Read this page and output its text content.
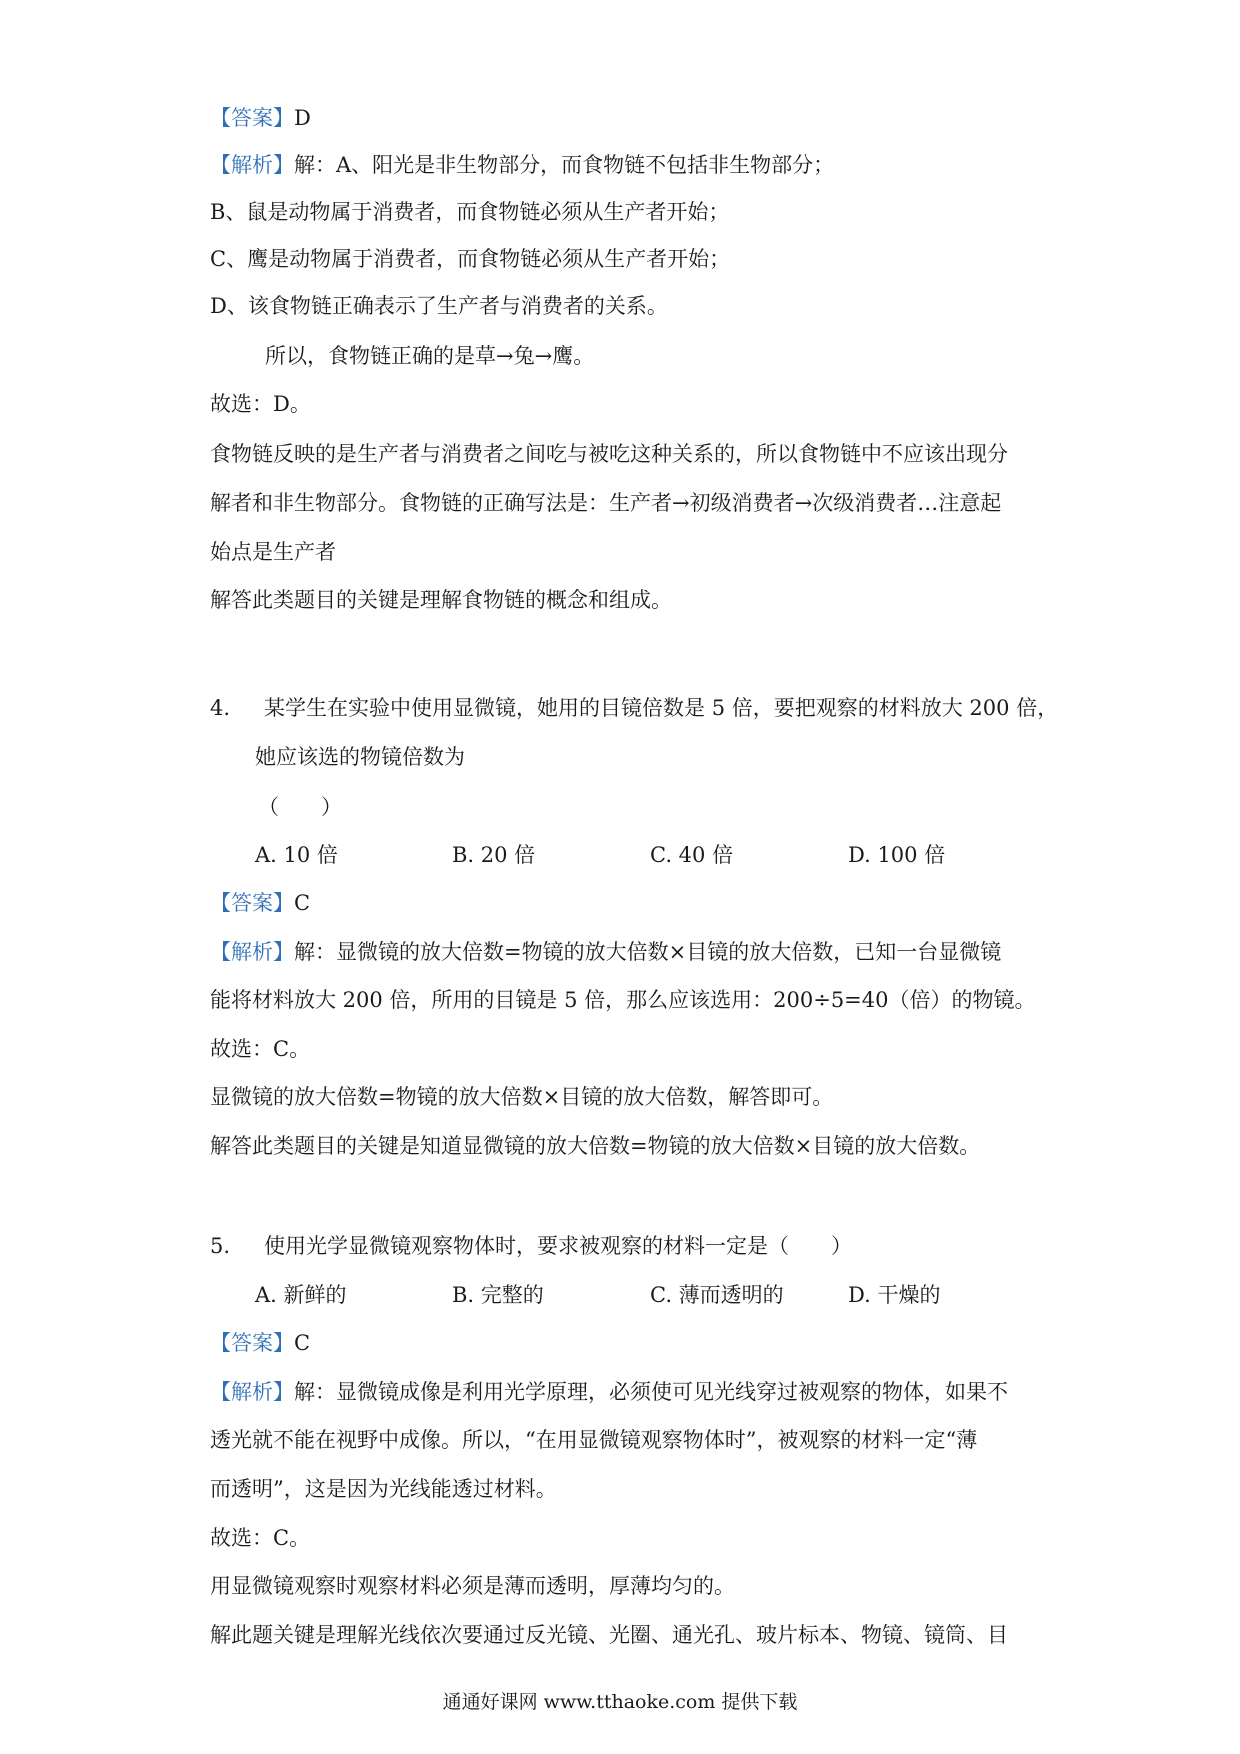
【答案】D
【解析】解：A、阳光是非生物部分，而食物链不包括非生物部分；
B、鼠是动物属于消费者，而食物链必须从生产者开始；
C、鹰是动物属于消费者，而食物链必须从生产者开始；
D、该食物链正确表示了生产者与消费者的关系。
所以，食物链正确的是草→兔→鹰。
故选：D。
食物链反映的是生产者与消费者之间吃与被吃这种关系的，所以食物链中不应该出现分
解者和非生物部分。食物链的正确写法是：生产者→初级消费者→次级消费者…注意起
始点是生产者
解答此类题目的关键是理解食物链的概念和组成。
4. 某学生在实验中使用显微镜，她用的目镜倍数是 5 倍，要把观察的材料放大 200 倍，
她应该选的物镜倍数为
（　　）
A. 10 倍	B. 20 倍	C. 40 倍	D. 100 倍
【答案】C
【解析】解：显微镜的放大倍数=物镜的放大倍数×目镜的放大倍数，已知一台显微镜
能将材料放大 200 倍，所用的目镜是 5 倍，那么应该选用：200÷5=40（倍）的物镜。
故选：C。
显微镜的放大倍数=物镜的放大倍数×目镜的放大倍数，解答即可。
解答此类题目的关键是知道显微镜的放大倍数=物镜的放大倍数×目镜的放大倍数。
5. 使用光学显微镜观察物体时，要求被观察的材料一定是（　　）
A. 新鲜的	B. 完整的	C. 薄而透明的	D. 干燥的
【答案】C
【解析】解：显微镜成像是利用光学原理，必须使可见光线穿过被观察的物体，如果不
透光就不能在视野中成像。所以，“在用显微镜观察物体时”，被观察的材料一定“薄
而透明”，这是因为光线能透过材料。
故选：C。
用显微镜观察时观察材料必须是薄而透明，厚薄均匀的。
解此题关键是理解光线依次要通过反光镜、光圈、通光孔、玻片标本、物镜、镜筒、目
通通好课网 www.tthaoke.com 提供下载
